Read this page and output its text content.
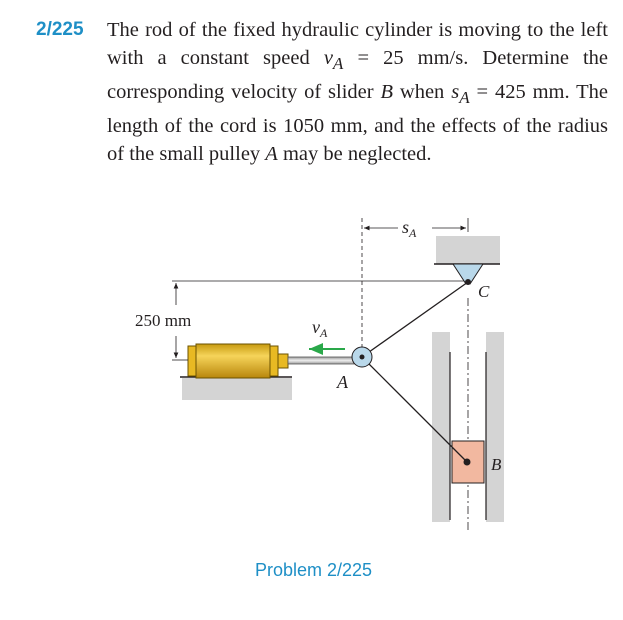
2/225 The rod of the fixed hydraulic cylinder is moving to the left with a constant speed $v_A = 25$ mm/s. Determine the corresponding velocity of slider B when $s_A = 425$ mm. The length of the cord is 1050 mm, and the effects of the radius of the small pulley A may be neglected.
250 mm
$s_A$
C
B
A
$v_A$
Problem 2/225
